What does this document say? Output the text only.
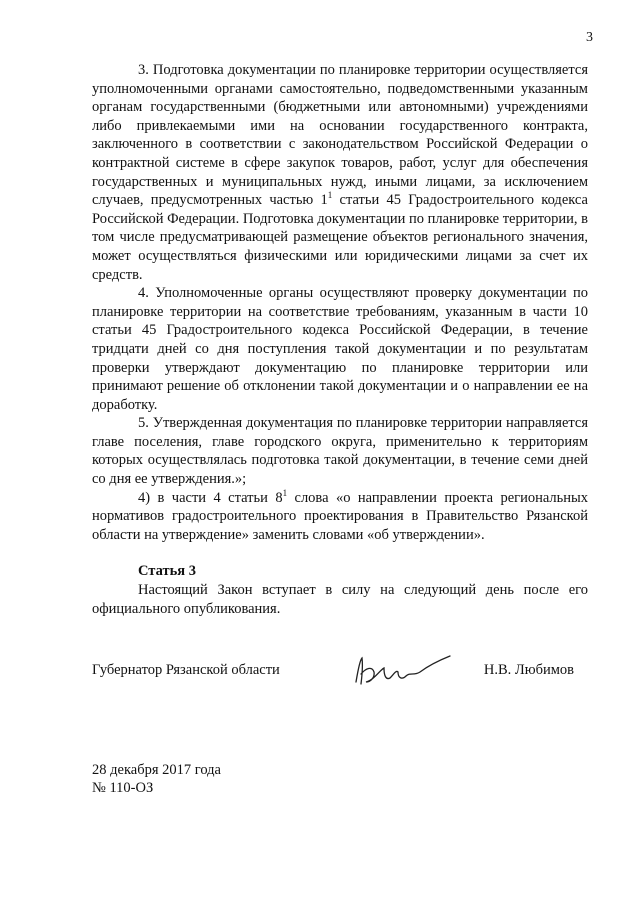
3

3. Подготовка документации по планировке территории осуществляется уполномоченными органами самостоятельно, подведомственными указанным органам государственными (бюджетными или автономными) учреждениями либо привлекаемыми ими на основании государственного контракта, заключенного в соответствии с законодательством Российской Федерации о контрактной системе в сфере закупок товаров, работ, услуг для обеспечения государственных и муниципальных нужд, иными лицами, за исключением случаев, предусмотренных частью $1^1$ статьи 45 Градостроительного кодекса Российской Федерации. Подготовка документации по планировке территории, в том числе предусматривающей размещение объектов регионального значения, может осуществляться физическими или юридическими лицами за счет их средств.

4. Уполномоченные органы осуществляют проверку документации по планировке территории на соответствие требованиям, указанным в части 10 статьи 45 Градостроительного кодекса Российской Федерации, в течение тридцати дней со дня поступления такой документации и по результатам проверки утверждают документацию по планировке территории или принимают решение об отклонении такой документации и о направлении ее на доработку.

5. Утвержденная документация по планировке территории направляется главе поселения, главе городского округа, применительно к территориям которых осуществлялась подготовка такой документации, в течение семи дней со дня ее утверждения.»;

4) в части 4 статьи $8^1$ слова «о направлении проекта региональных нормативов градостроительного проектирования в Правительство Рязанской области на утверждение» заменить словами «об утверждении».

Статья 3

Настоящий Закон вступает в силу на следующий день после его официального опубликования.

Губернатор Рязанской области	Н.В. Любимов
28 декабря 2017 года
№ 110-ОЗ
